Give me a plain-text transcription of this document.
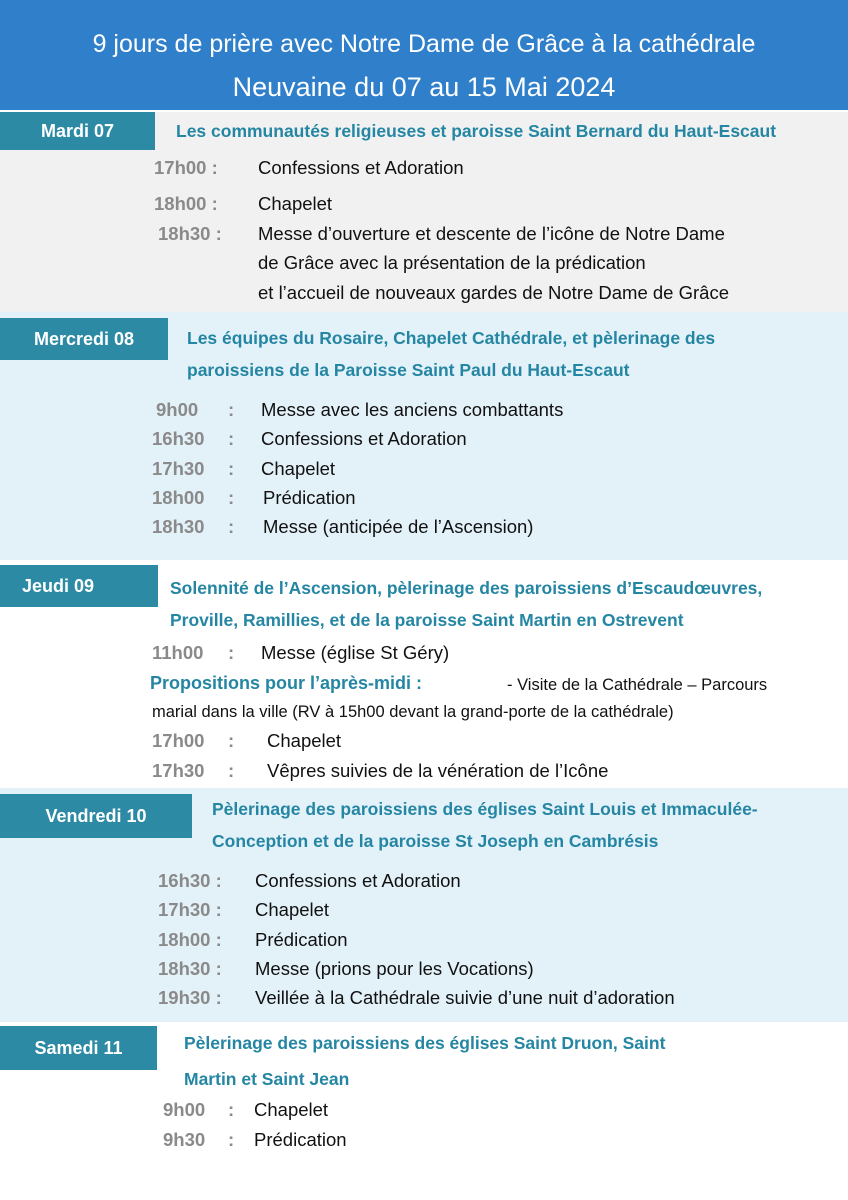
9 jours de prière avec Notre Dame de Grâce à la cathédrale
Neuvaine du 07 au 15 Mai 2024
Mardi 07	Les communautés religieuses et paroisse Saint Bernard du Haut-Escaut
17h00 : Confessions et Adoration
18h00 : Chapelet
18h30 : Messe d’ouverture et descente de l’icône de Notre Dame
de Grâce avec la présentation de la prédication
et l’accueil de nouveaux gardes de Notre Dame de Grâce
Mercredi 08	Les équipes du Rosaire, Chapelet Cathédrale, et pèlerinage des
paroissiens de la Paroisse Saint Paul du Haut-Escaut
9h00 : Messe avec les anciens combattants
16h30 : Confessions et Adoration
17h30 : Chapelet
18h00 : Prédication
18h30 : Messe (anticipée de l’Ascension)
Jeudi 09	Solennité de l’Ascension, pèlerinage des paroissiens d’Escaudœuvres,
Proville, Ramillies, et de la paroisse Saint Martin en Ostrevent
11h00 : Messe (église St Géry)
Propositions pour l’après-midi :	- Visite de la Cathédrale – Parcours
marial dans la ville (RV à 15h00 devant la grand-porte de la cathédrale)
17h00 : Chapelet
17h30 : Vêpres suivies de la vénération de l’Icône
Vendredi 10	Pèlerinage des paroissiens des églises Saint Louis et Immaculée-
Conception et de la paroisse St Joseph en Cambrésis
16h30 : Confessions et Adoration
17h30 : Chapelet
18h00 : Prédication
18h30 : Messe (prions pour les Vocations)
19h30 : Veillée à la Cathédrale suivie d’une nuit d’adoration
Samedi 11	Pèlerinage des paroissiens des églises Saint Druon, Saint
Martin et Saint Jean
9h00 : Chapelet
9h30 : Prédication
